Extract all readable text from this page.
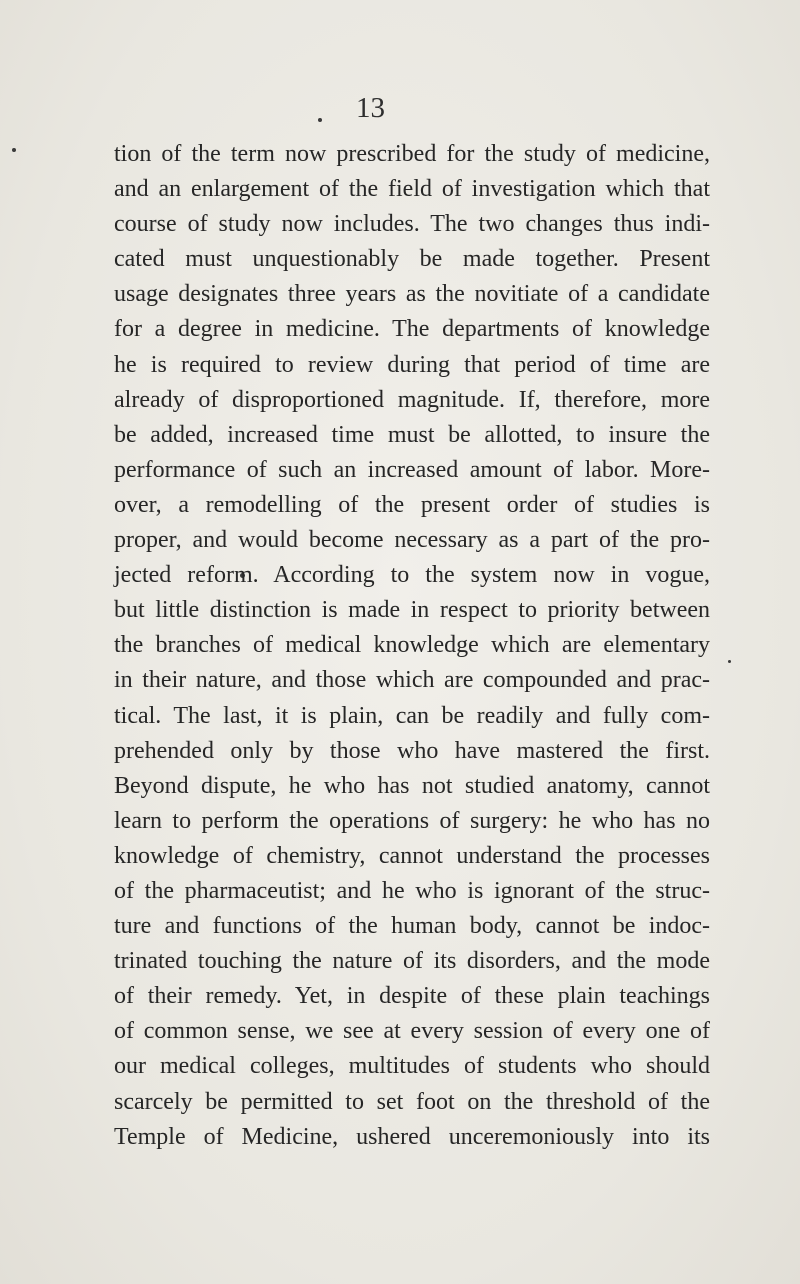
13
tion of the term now prescribed for the study of medicine,
and an enlargement of the field of investigation which that
course of study now includes. The two changes thus indi-
cated must unquestionably be made together. Present
usage designates three years as the novitiate of a candidate
for a degree in medicine. The departments of knowledge
he is required to review during that period of time are
already of disproportioned magnitude. If, therefore, more
be added, increased time must be allotted, to insure the
performance of such an increased amount of labor. More-
over, a remodelling of the present order of studies is
proper, and would become necessary as a part of the pro-
jected reform. According to the system now in vogue,
but little distinction is made in respect to priority between
the branches of medical knowledge which are elementary
in their nature, and those which are compounded and prac-
tical. The last, it is plain, can be readily and fully com-
prehended only by those who have mastered the first.
Beyond dispute, he who has not studied anatomy, cannot
learn to perform the operations of surgery: he who has no
knowledge of chemistry, cannot understand the processes
of the pharmaceutist; and he who is ignorant of the struc-
ture and functions of the human body, cannot be indoc-
trinated touching the nature of its disorders, and the mode
of their remedy. Yet, in despite of these plain teachings
of common sense, we see at every session of every one of
our medical colleges, multitudes of students who should
scarcely be permitted to set foot on the threshold of the
Temple of Medicine, ushered unceremoniously into its
